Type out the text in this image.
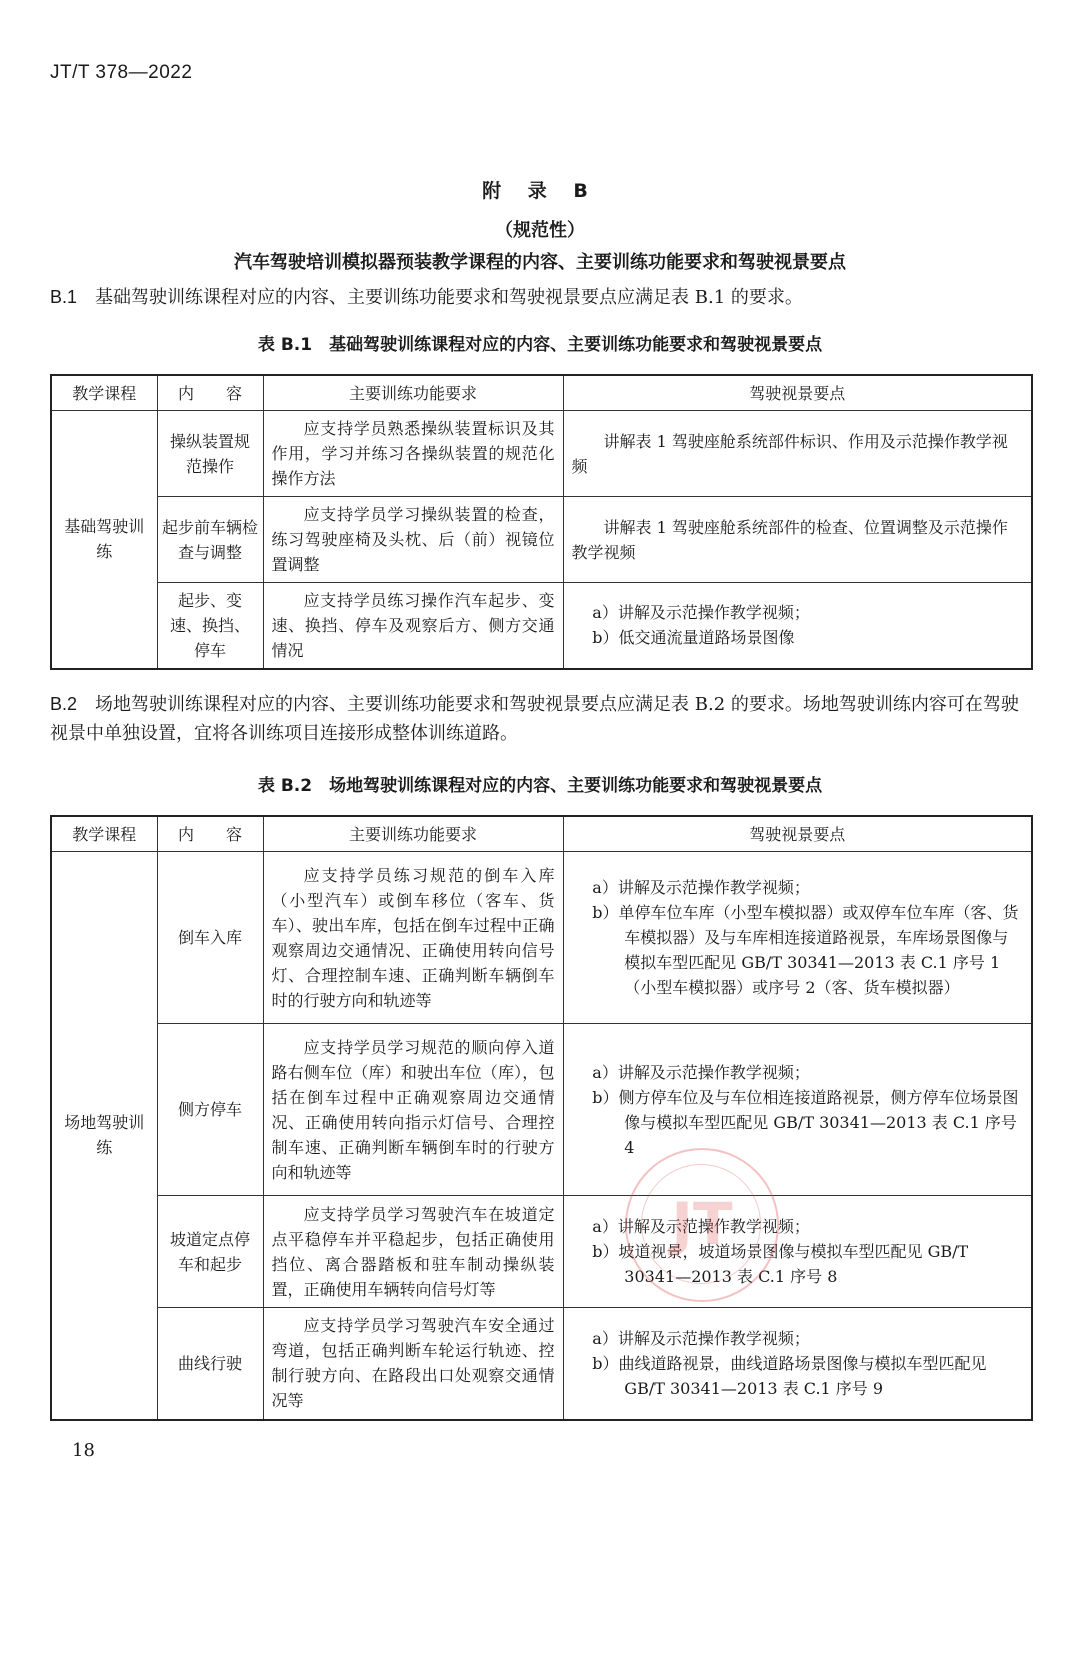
JT/T 378—2022
附 录 B
（规范性）
汽车驾驶培训模拟器预装教学课程的内容、主要训练功能要求和驾驶视景要点
B.1 基础驾驶训练课程对应的内容、主要训练功能要求和驾驶视景要点应满足表 B.1 的要求。
表 B.1　基础驾驶训练课程对应的内容、主要训练功能要求和驾驶视景要点
教学课程	内　　容	主要训练功能要求	驾驶视景要点

基础驾驶训练	操纵装置规范操作	应支持学员熟悉操纵装置标识及其作用，学习并练习各操纵装置的规范化操作方法	讲解表 1 驾驶座舱系统部件标识、作用及示范操作教学视频

	起步前车辆检查与调整	应支持学员学习操纵装置的检查，练习驾驶座椅及头枕、后（前）视镜位置调整	讲解表 1 驾驶座舱系统部件的检查、位置调整及示范操作教学视频

	起步、变速、换挡、停车	应支持学员练习操作汽车起步、变速、换挡、停车及观察后方、侧方交通情况	a）讲解及示范操作教学视频；
b）低交通流量道路场景图像
B.2 场地驾驶训练课程对应的内容、主要训练功能要求和驾驶视景要点应满足表 B.2 的要求。场地驾驶训练内容可在驾驶视景中单独设置，宜将各训练项目连接形成整体训练道路。
表 B.2　场地驾驶训练课程对应的内容、主要训练功能要求和驾驶视景要点
教学课程	内　　容	主要训练功能要求	驾驶视景要点

场地驾驶训练	倒车入库	应支持学员练习规范的倒车入库（小型汽车）或倒车移位（客车、货车）、驶出车库，包括在倒车过程中正确观察周边交通情况、正确使用转向信号灯、合理控制车速、正确判断车辆倒车时的行驶方向和轨迹等	a）讲解及示范操作教学视频；
b）单停车位车库（小型车模拟器）或双停车位车库（客、货车模拟器）及与车库相连接道路视景，车库场景图像与模拟车型匹配见 GB/T 30341—2013 表 C.1 序号 1（小型车模拟器）或序号 2（客、货车模拟器）

	侧方停车	应支持学员学习规范的顺向停入道路右侧车位（库）和驶出车位（库），包括在倒车过程中正确观察周边交通情况、正确使用转向指示灯信号、合理控制车速、正确判断车辆倒车时的行驶方向和轨迹等	a）讲解及示范操作教学视频；
b）侧方停车位及与车位相连接道路视景，侧方停车位场景图像与模拟车型匹配见 GB/T 30341—2013 表 C.1 序号 4

	坡道定点停车和起步	应支持学员学习驾驶汽车在坡道定点平稳停车并平稳起步，包括正确使用挡位、离合器踏板和驻车制动操纵装置，正确使用车辆转向信号灯等	a）讲解及示范操作教学视频；
b）坡道视景，坡道场景图像与模拟车型匹配见 GB/T 30341—2013 表 C.1 序号 8

	曲线行驶	应支持学员学习驾驶汽车安全通过弯道，包括正确判断车轮运行轨迹、控制行驶方向、在路段出口处观察交通情况等	a）讲解及示范操作教学视频；
b）曲线道路视景，曲线道路场景图像与模拟车型匹配见 GB/T 30341—2013 表 C.1 序号 9
JT
18
